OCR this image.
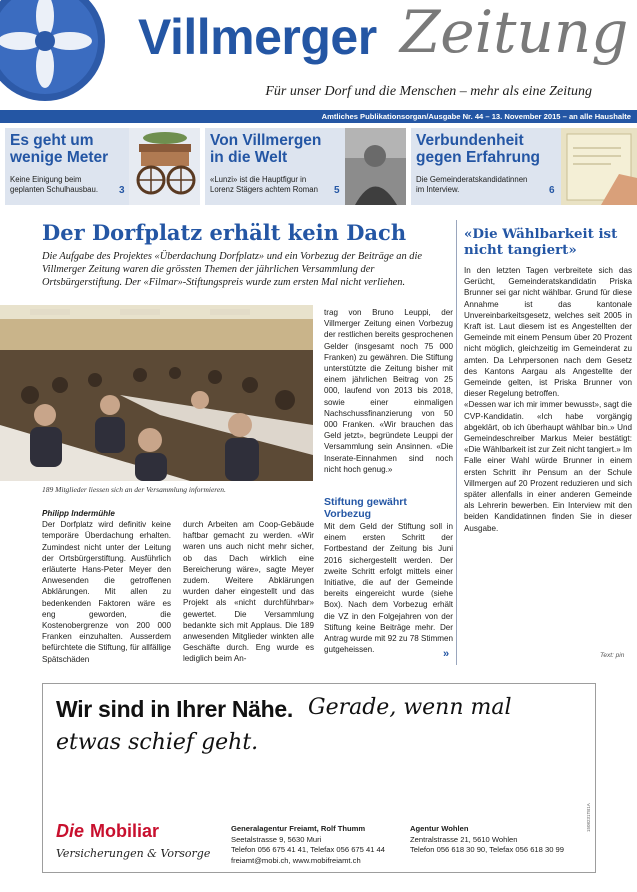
Villmerger Zeitung
Für unser Dorf und die Menschen – mehr als eine Zeitung
Amtliches Publikationsorgan/Ausgabe Nr. 44 – 13. November 2015 – an alle Haushalte
Es geht um
wenige Meter

Keine Einigung beim
geplanten Schulhausbau. 3
Von Villmergen
in die Welt

«Lunzi» ist die Hauptfigur in
Lorenz Stägers achtem Roman 5
Verbundenheit
gegen Erfahrung

Die Gemeinderatskandidatinnen
im Interview.	6
Der Dorfplatz erhält kein Dach

Die Aufgabe des Projektes «Überdachung Dorfplatz» und ein Vorbezug der Beiträge an die Villmerger Zeitung waren die grössten Themen der jährlichen Versammlung der Ortsbürgerstiftung. Der «Filmar»-Stiftungspreis wurde zum ersten Mal nicht verliehen.

189 Mitglieder liessen sich an der Versammlung informieren.

Philipp Indermühle

Der Dorfplatz wird definitiv keine temporäre Überdachung erhalten. Zumindest nicht unter der Leitung der Ortsbürgerstiftung. Ausführlich erläuterte Hans-Peter Meyer den Anwesenden die getroffenen Abklärungen. Mit allen zu bedenkenden Faktoren wäre es eng geworden, die Kostenobergrenze von 200 000 Franken einzuhalten. Ausserdem befürchtete die Stiftung, für allfällige Spätschäden

durch Arbeiten am Coop-Gebäude haftbar gemacht zu werden. «Wir waren uns auch nicht mehr sicher, ob das Dach wirklich eine Bereicherung wäre», sagte Meyer zudem. Weitere Abklärungen wurden daher eingestellt und das Projekt als «nicht durchführbar» gewertet. Die Versammlung bedankte sich mit Applaus. Die 189 anwesenden Mitglieder winkten alle Geschäfte durch. Eng wurde es lediglich beim An-

trag von Bruno Leuppi, der Villmerger Zeitung einen Vorbezug der restlichen bereits gesprochenen Gelder (insgesamt noch 75 000 Franken) zu gewähren. Die Stiftung unterstützte die Zeitung bisher mit einem jährlichen Beitrag von 25 000, laufend von 2013 bis 2018, sowie einer einmaligen Nachschussfinanzierung von 50 000 Franken. «Wir brauchen das Geld jetzt», begründete Leuppi der Versammlung sein Ansinnen. «Die Inserate-Einnahmen sind noch nicht hoch genug.»

Stiftung gewährt
Vorbezug

Mit dem Geld der Stiftung soll in einem ersten Schritt der Fortbestand der Zeitung bis Juni 2016 sichergestellt werden. Der zweite Schritt erfolgt mittels einer Initiative, die auf der Gemeinde bereits eingereicht wurde (siehe Box). Nach dem Vorbezug erhält die VZ in den Folgejahren von der Stiftung keine Beiträge mehr. Der Antrag wurde mit 92 zu 78 Stimmen gutgeheissen.	»
«Die Wählbarkeit ist nicht tangiert»

In den letzten Tagen verbreitete sich das Gerücht, Gemeinderatskandidatin Priska Brunner sei gar nicht wählbar. Grund für diese Annahme ist das kantonale Unvereinbarkeitsgesetz, welches seit 2005 in Kraft ist. Laut diesem ist es Angestellten der Gemeinde mit einem Pensum über 20 Prozent nicht möglich, gleichzeitig im Gemeinderat zu amten. Da Lehrpersonen nach dem Gesetz des Kantons Aargau als Angestellte der Gemeinde gelten, ist Priska Brunner von dieser Regelung betroffen.

«Dessen war ich mir immer bewusst», sagt die CVP-Kandidatin. «Ich habe vorgängig abgeklärt, ob ich überhaupt wählbar bin.» Und Gemeindeschreiber Markus Meier bestätigt: «Die Wählbarkeit ist zur Zeit nicht tangiert.» Im Falle einer Wahl würde Brunner in einem ersten Schritt ihr Pensum an der Schule Villmergen auf 20 Prozent reduzieren und sich später allenfalls in einer anderen Gemeinde als Lehrerin bewerben. Ein Interview mit den beiden Kandidatinnen finden Sie in dieser Ausgabe.

Text: pin
Wir sind in Ihrer Nähe. Gerade, wenn mal
etwas schief geht.
Die Mobiliar
Versicherungen & Vorsorge
Generalagentur Freiamt, Rolf Thumm
Seetalstrasse 9, 5630 Muri
Telefon 056 675 41 41, Telefax 056 675 41 44
freiamt@mobi.ch, www.mobifreiamt.ch
Agentur Wohlen
Zentralstrasse 21, 5610 Wohlen
Telefon 056 618 30 90, Telefax 056 618 30 99
1508231TB1A
